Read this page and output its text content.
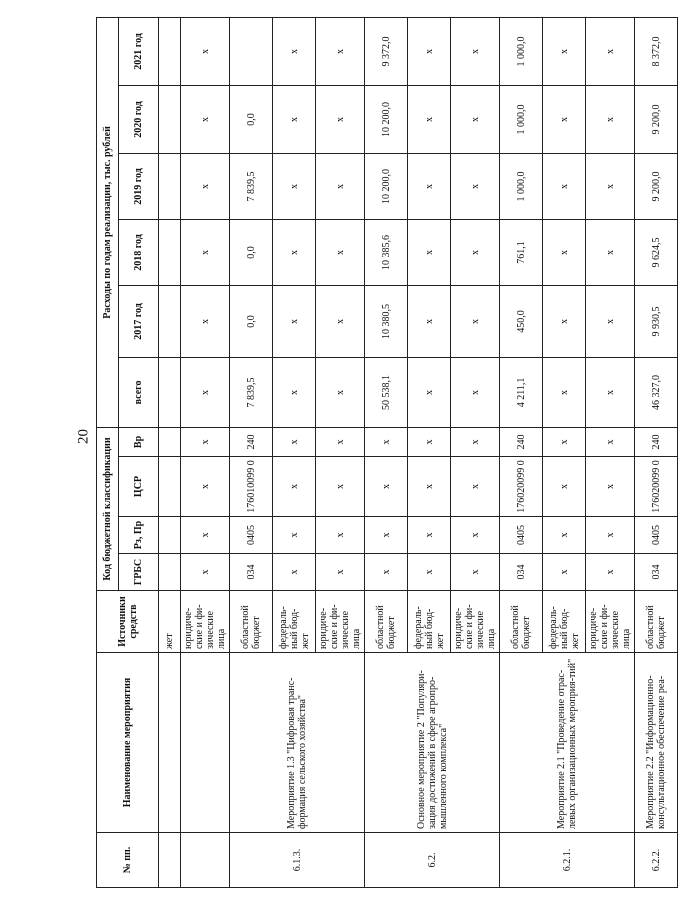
20
№ пп.	Наименование мероприятия	Источники средств	Код бюджетной классификации				Расходы по годам реализации, тыс. рублей					
			ГРБС	Рз, Пр	ЦСР	Вр	всего	2017 год	2018 год	2019 год	2020 год	2021 год
		жет										
		юридиче-ские и фи-зические лица	х	х	х	х	х	х	х	х	х	х
6.1.3.	Мероприятие 1.3 "Цифровая транс-формация сельского хозяйства"	областной бюджет	034	0405	176010099 0	240	7 839,5	0,0	0,0	7 839,5	0,0	
		федераль-ный бюд-жет	х	х	х	х	х	х	х	х	х	х
		юридиче-ские и фи-зические лица	х	х	х	х	х	х	х	х	х	х
6.2.	Основное мероприятие 2 "Популяри-зация достижений в сфере агропро-мышленного комплекса"	областной бюджет	х	х	х	х	50 538,1	10 380,5	10 385,6	10 200,0	10 200,0	9 372,0
		федераль-ный бюд-жет	х	х	х	х	х	х	х	х	х	х
		юридиче-ские и фи-зические лица	х	х	х	х	х	х	х	х	х	х
6.2.1.	Мероприятие 2.1 "Проведение отрас-левых организационных мероприя-тий"	областной бюджет	034	0405	176020099 0	240	4 211,1	450,0	761,1	1 000,0	1 000,0	1 000,0
		федераль-ный бюд-жет	х	х	х	х	х	х	х	х	х	х
		юридиче-ские и фи-зические лица	х	х	х	х	х	х	х	х	х	х
6.2.2.	Мероприятие 2.2 "Информационно-консультационное обеспечение реа-	областной бюджет	034	0405	176020099 0	240	46 327,0	9 930,5	9 624,5	9 200,0	9 200,0	8 372,0
